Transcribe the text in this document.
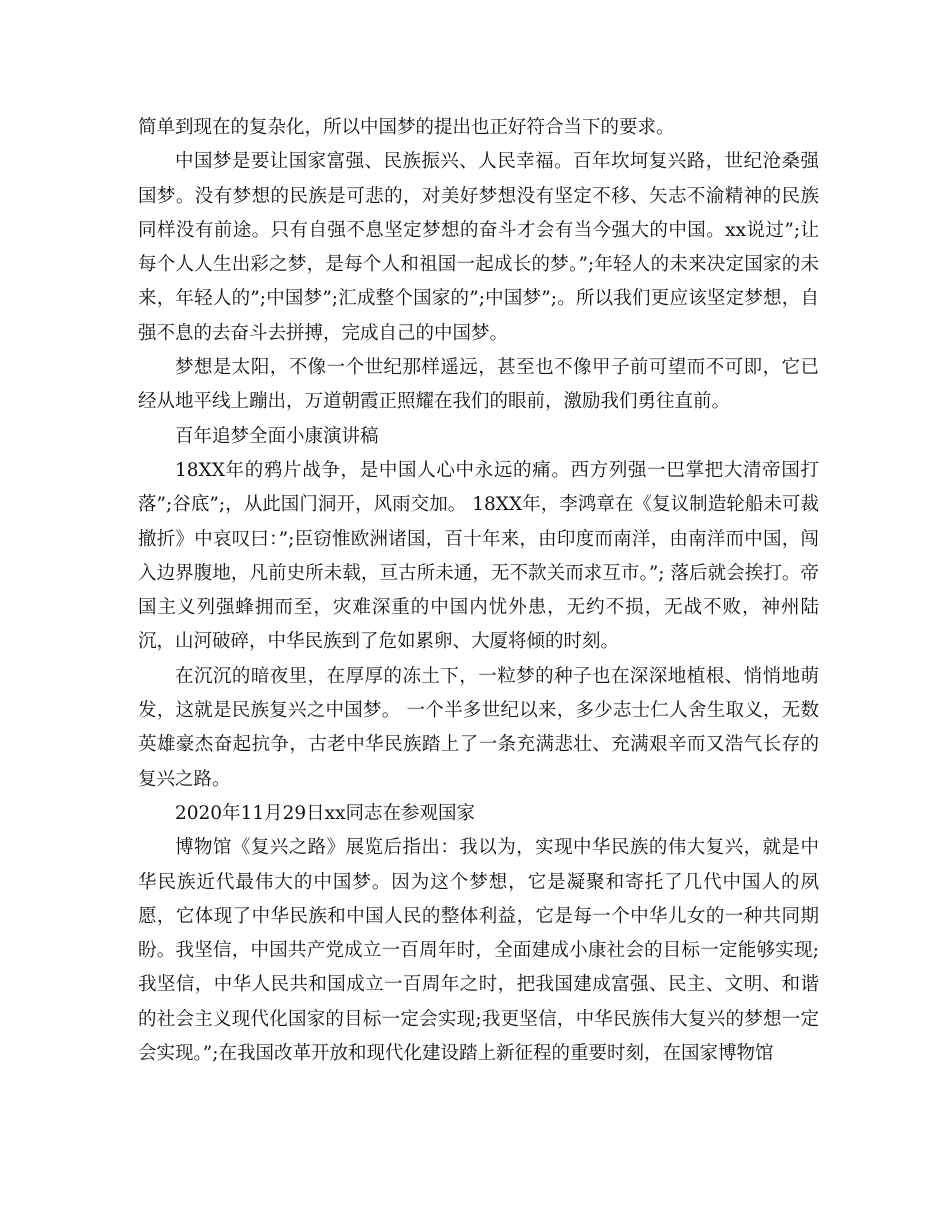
简单到现在的复杂化，所以中国梦的提出也正好符合当下的要求。

中国梦是要让国家富强、民族振兴、人民幸福。百年坎坷复兴路，世纪沧桑强国梦。没有梦想的民族是可悲的，对美好梦想没有坚定不移、矢志不渝精神的民族同样没有前途。只有自强不息坚定梦想的奋斗才会有当今强大的中国。xx说过”;让每个人人生出彩之梦，是每个人和祖国一起成长的梦。”;年轻人的未来决定国家的未来，年轻人的”;中国梦”;汇成整个国家的”;中国梦”;。所以我们更应该坚定梦想，自强不息的去奋斗去拼搏，完成自己的中国梦。

梦想是太阳，不像一个世纪那样遥远，甚至也不像甲子前可望而不可即，它已经从地平线上蹦出，万道朝霞正照耀在我们的眼前，激励我们勇往直前。

百年追梦全面小康演讲稿

18XX年的鸦片战争，是中国人心中永远的痛。西方列强一巴掌把大清帝国打落”;谷底”;，从此国门洞开，风雨交加。 18XX年，李鸿章在《复议制造轮船未可裁撤折》中哀叹曰：”;臣窃惟欧洲诸国，百十年来，由印度而南洋，由南洋而中国，闯入边界腹地，凡前史所未载，亘古所未通，无不款关而求互市。”; 落后就会挨打。帝国主义列强蜂拥而至，灾难深重的中国内忧外患，无约不损，无战不败，神州陆沉，山河破碎，中华民族到了危如累卵、大厦将倾的时刻。

在沉沉的暗夜里，在厚厚的冻土下，一粒梦的种子也在深深地植根、悄悄地萌发，这就是民族复兴之中国梦。 一个半多世纪以来，多少志士仁人舍生取义，无数英雄豪杰奋起抗争，古老中华民族踏上了一条充满悲壮、充满艰辛而又浩气长存的复兴之路。

2020年11月29日xx同志在参观国家

博物馆《复兴之路》展览后指出：我以为，实现中华民族的伟大复兴，就是中华民族近代最伟大的中国梦。因为这个梦想，它是凝聚和寄托了几代中国人的夙愿，它体现了中华民族和中国人民的整体利益，它是每一个中华儿女的一种共同期盼。我坚信，中国共产党成立一百周年时，全面建成小康社会的目标一定能够实现;我坚信，中华人民共和国成立一百周年之时，把我国建成富强、民主、文明、和谐的社会主义现代化国家的目标一定会实现;我更坚信，中华民族伟大复兴的梦想一定会实现。”;在我国改革开放和现代化建设踏上新征程的重要时刻，在国家博物馆
